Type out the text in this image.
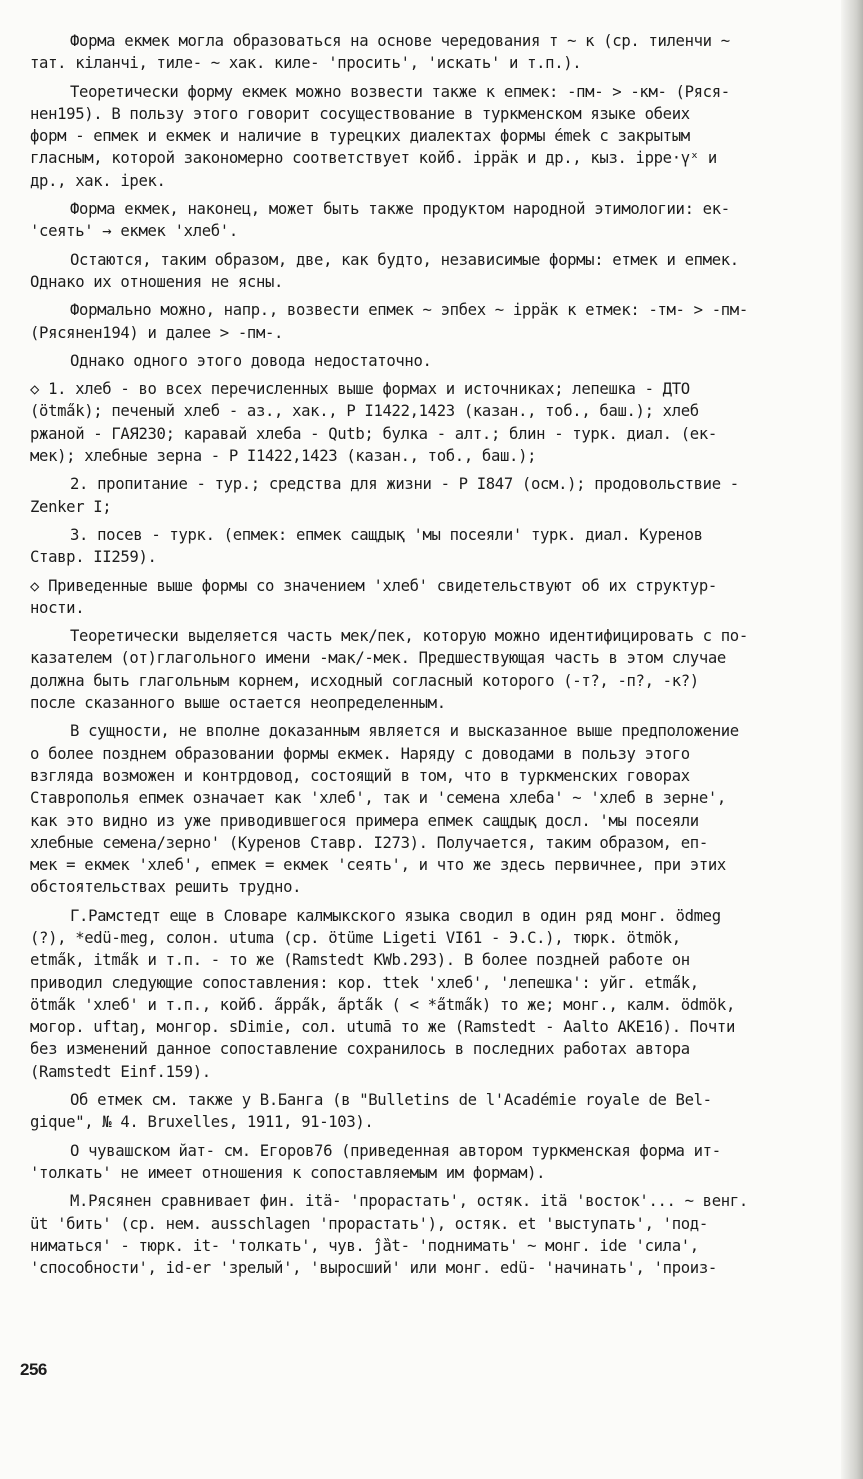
Форма екмек могла образоваться на основе чередования т ~ к (ср. тиленчи ~
тат. кiланчi, тиле- ~ хак. киле- 'просить', 'искать' и т.п.).
Теоретически форму екмек можно возвести также к епмек: -пм- > -км- (Ряся-
нен195). В пользу этого говорит сосуществование в туркменском языке обеих
форм - епмек и екмек и наличие в турецких диалектах формы émek с закрытым
гласным, которой закономерно соответствует койб. іррӓк и др., кыз. ірре·үˣ и
др., хак. ірек.
Форма екмек, наконец, может быть также продуктом народной этимологии: ек-
'сеять' → екмек 'хлеб'.
Остаются, таким образом, две, как будто, независимые формы: етмек и епмек.
Однако их отношения не ясны.
Формально можно, напр., возвести епмек ~ эпбех ~ іррӓк к етмек: -тм- > -пм-
(Рясянен194) и далее > -пм-.
Однако одного этого довода недостаточно.
◇ 1. хлеб - во всех перечисленных выше формах и источниках; лепешка - ДТО
(ötma̋k); печеный хлеб - аз., хак., Р I1422,1423 (казан., тоб., баш.); хлеб
ржаной - ГАЯ230; каравай хлеба - Qutb; булка - алт.; блин - турк. диал. (ек-
мек); хлебные зерна - Р I1422,1423 (казан., тоб., баш.);
2. пропитание - тур.; средства для жизни - Р I847 (осм.); продовольствие -
Zenker I;
3. посев - турк. (епмек: епмек сащдық 'мы посеяли' турк. диал. Куренов
Ставр. II259).
◇ Приведенные выше формы со значением 'хлеб' свидетельствуют об их структур-
ности.
Теоретически выделяется часть мек/пек, которую можно идентифицировать с по-
казателем (от)глагольного имени -мак/-мек. Предшествующая часть в этом случае
должна быть глагольным корнем, исходный согласный которого (-т?, -п?, -к?)
после сказанного выше остается неопределенным.
В сущности, не вполне доказанным является и высказанное выше предположение
о более позднем образовании формы екмек. Наряду с доводами в пользу этого
взгляда возможен и контрдовод, состоящий в том, что в туркменских говорах
Ставрополья епмек означает как 'хлеб', так и 'семена хлеба' ~ 'хлеб в зерне',
как это видно из уже приводившегося примера епмек сащдық досл. 'мы посеяли
хлебные семена/зерно' (Куренов Ставр. I273). Получается, таким образом, еп-
мек = екмек 'хлеб', епмек = екмек 'сеять', и что же здесь первичнее, при этих
обстоятельствах решить трудно.
Г.Рамстедт еще в Словаре калмыкского языка сводил в один ряд монг. ödmeg
(?), *edü-meg, солон. utuma (ср. ötüme Ligeti VI61 - Э.С.), тюрк. ötmök,
etma̋k, itma̋k и т.п. - то же (Ramstedt KWb.293). В более поздней работе он
приводил следующие сопоставления: кор. ttek 'хлеб', 'лепешка': уйг. etma̋k,
ötma̋k 'хлеб' и т.п., койб. a̋ppa̋k, a̋pta̋k ( < *a̋tma̋k) то же; монг., калм. ödmök,
могор. uftaŋ, монгор. sDimie, сол. utumā то же (Ramstedt - Aalto AKE16). Почти
без изменений данное сопоставление сохранилось в последних работах автора
(Ramstedt Einf.159).
Об етмек см. также у В.Банга (в "Bulletins de l'Académie royale de Bel-
gique", № 4. Bruxelles, 1911, 91-103).
О чувашском йат- см. Егоров76 (приведенная автором туркменская форма ит-
'толкать' не имеет отношения к сопоставляемым им формам).
М.Рясянен сравнивает фин. itä- 'прорастать', остяк. itä 'восток'... ~ венг.
üt 'бить' (ср. нем. ausschlagen 'прорастать'), остяк. et 'выступать', 'под-
ниматься' - тюрк. it- 'толкать', чув. ĵȁt- 'поднимать' ~ монг. ide 'сила',
'способности', id-er 'зрелый', 'выросший' или монг. edü- 'начинать', 'произ-
256
